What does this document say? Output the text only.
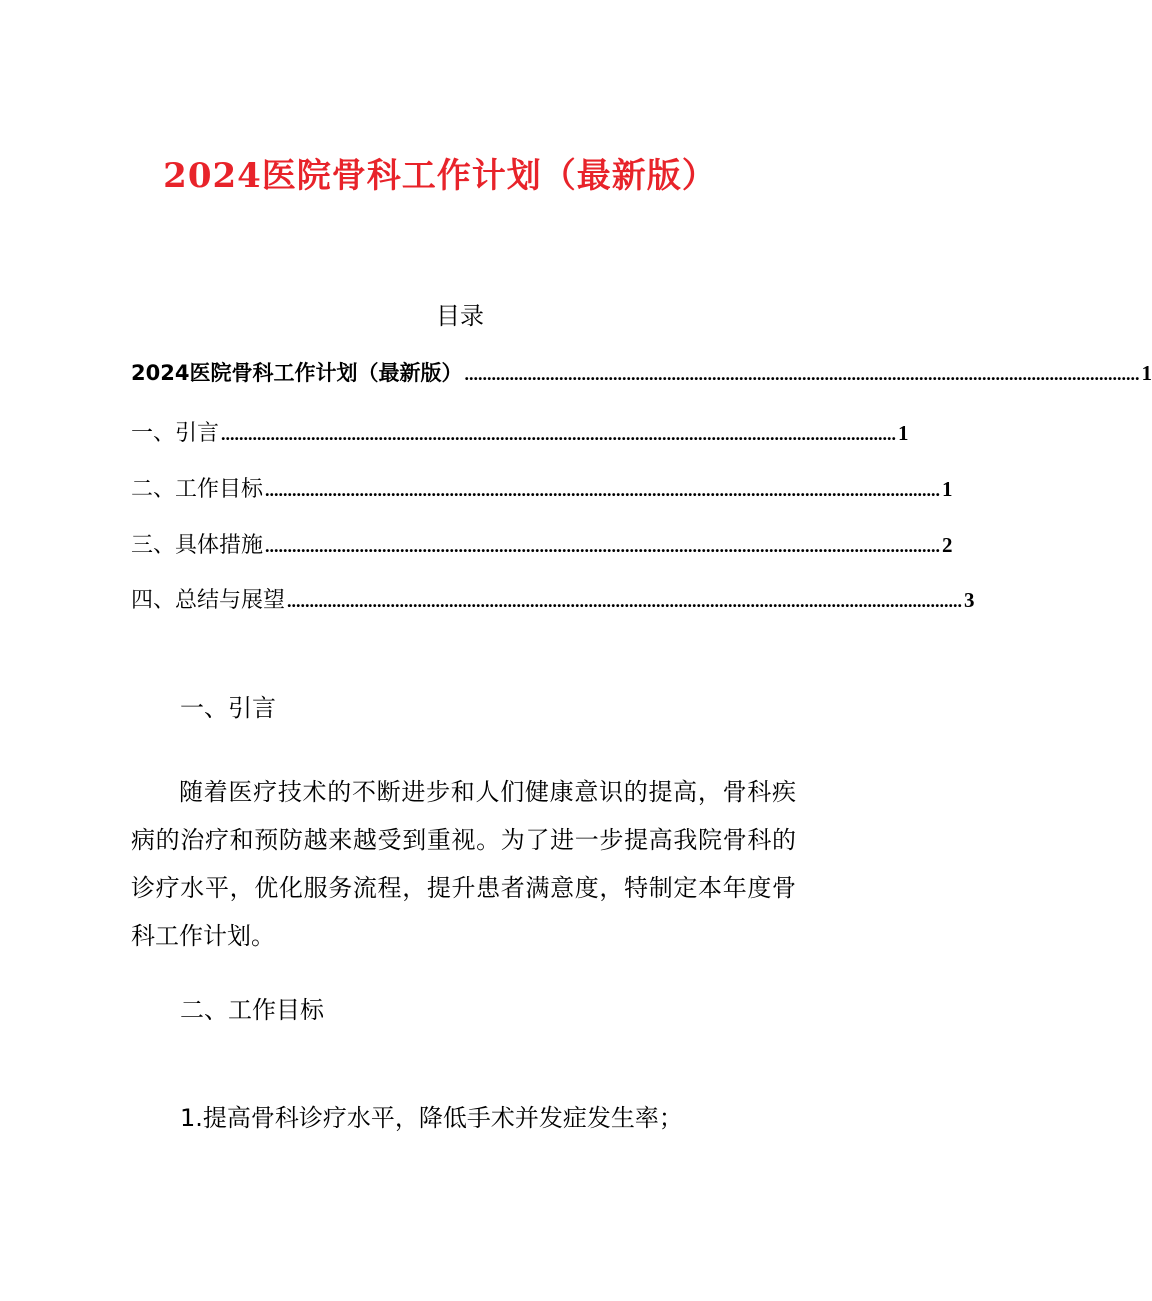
2024医院骨科工作计划（最新版）
目录
2024医院骨科工作计划（最新版） ...................................................................................................................................................... 1
一、引言 ...................................................................................................................................................... 1
二、工作目标 ...................................................................................................................................................... 1
三、具体措施 ...................................................................................................................................................... 2
四、总结与展望 ...................................................................................................................................................... 3
一、引言
随着医疗技术的不断进步和人们健康意识的提高，骨科疾病的治疗和预防越来越受到重视。为了进一步提高我院骨科的诊疗水平，优化服务流程，提升患者满意度，特制定本年度骨科工作计划。
二、工作目标
1.提高骨科诊疗水平，降低手术并发症发生率；
